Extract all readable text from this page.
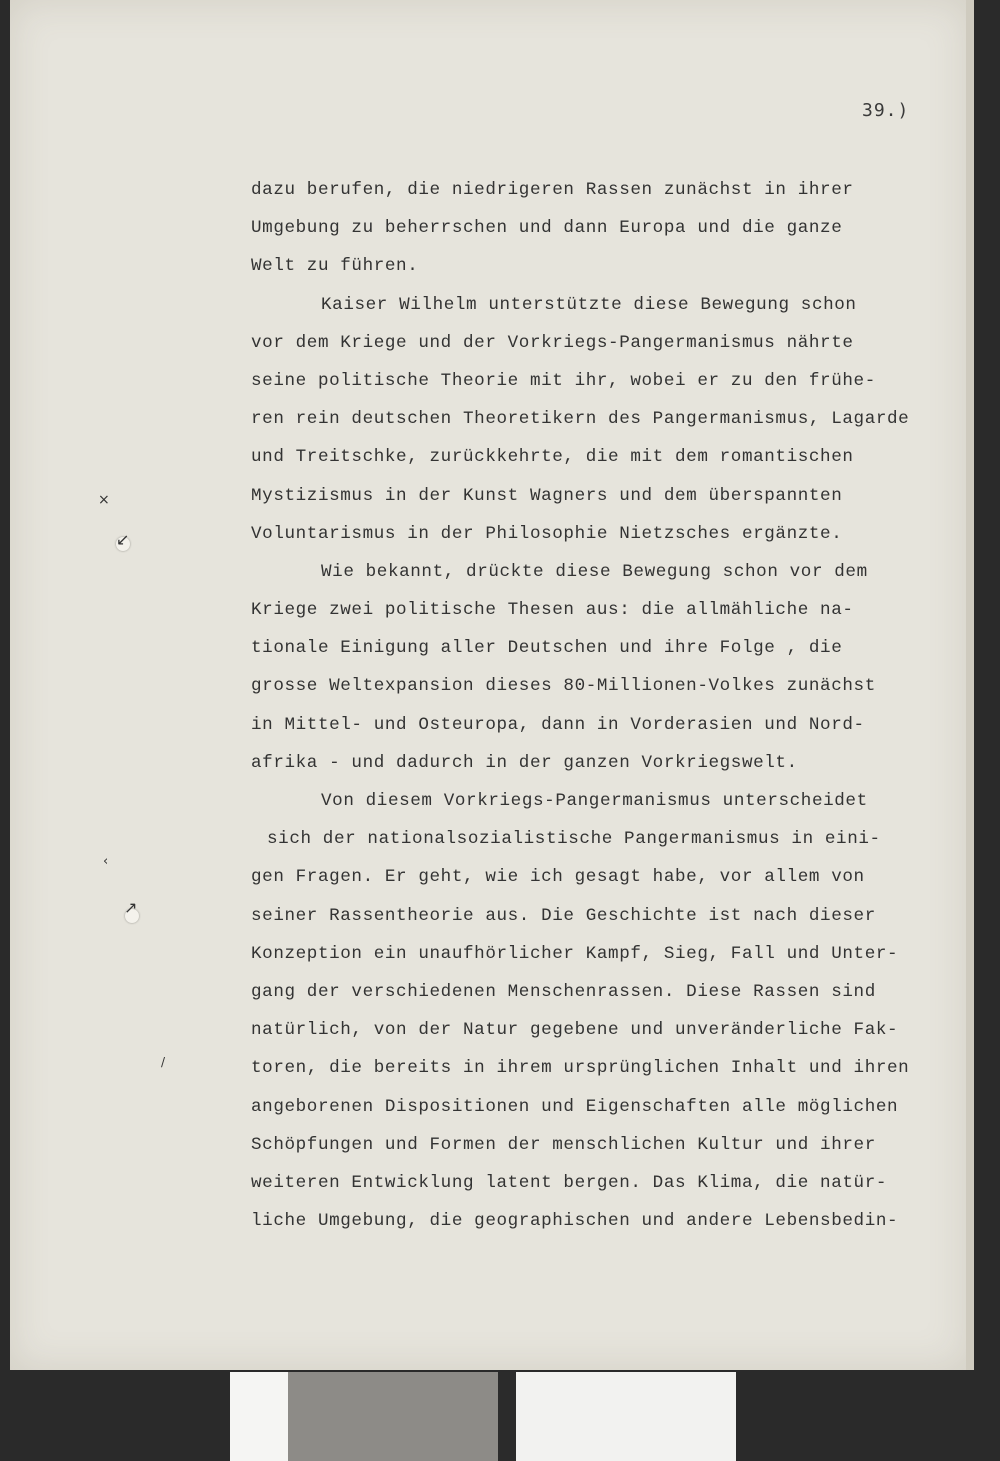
39.)
dazu berufen, die niedrigeren Rassen zunächst in ihrer
Umgebung zu beherrschen und dann Europa und die ganze
Welt zu führen.
Kaiser Wilhelm unterstützte diese Bewegung schon
vor dem Kriege und der Vorkriegs-Pangermanismus nährte
seine politische Theorie mit ihr, wobei er zu den frühe-
ren rein deutschen Theoretikern des Pangermanismus, Lagarde
und Treitschke, zurückkehrte, die mit dem romantischen
Mystizismus in der Kunst Wagners und dem überspannten
Voluntarismus in der Philosophie Nietzsches ergänzte.
Wie bekannt, drückte diese Bewegung schon vor dem
Kriege zwei politische Thesen aus: die allmähliche na-
tionale Einigung aller Deutschen und ihre Folge , die
grosse Weltexpansion dieses 80-Millionen-Volkes zunächst
in Mittel- und Osteuropa, dann in Vorderasien und Nord-
afrika - und dadurch in der ganzen Vorkriegswelt.
Von diesem Vorkriegs-Pangermanismus unterscheidet
sich der nationalsozialistische Pangermanismus in eini-
gen Fragen. Er geht, wie ich gesagt habe, vor allem von
seiner Rassentheorie aus. Die Geschichte ist nach dieser
Konzeption ein unaufhörlicher Kampf, Sieg, Fall und Unter-
gang der verschiedenen Menschenrassen. Diese Rassen sind
natürlich, von der Natur gegebene und unveränderliche Fak-
toren, die bereits in ihrem ursprünglichen Inhalt und ihren
angeborenen Dispositionen und Eigenschaften alle möglichen
Schöpfungen und Formen der menschlichen Kultur und ihrer
weiteren Entwicklung latent bergen. Das Klima, die natür-
liche Umgebung, die geographischen und andere Lebensbedin-
×
↙
‹
↗
/
